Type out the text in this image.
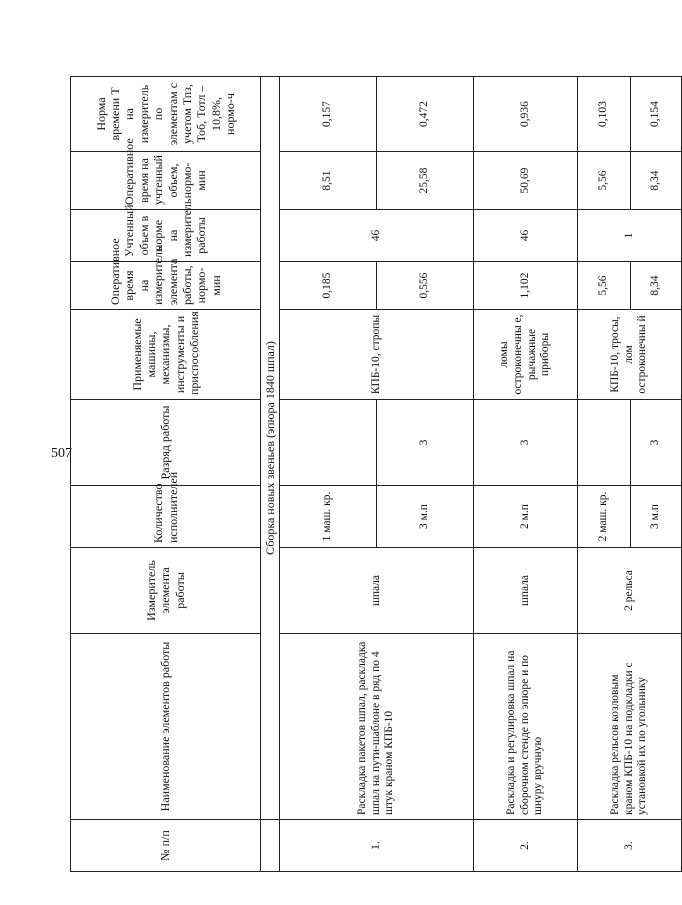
507
№ п/п	Наименование элементов работы	Измеритель элемента работы	Количество исполнителей	Разряд работы	Применяемые машины, механизмы, инструменты и приспособления	Оперативное время на измеритель элемента работы, нормо-мин	Учтенный объем в норме на измеритель работы	Оперативное время на учтенный объем, нормо-мин	Норма времени Т на измеритель по элементам с учетом Тпз, Тоб, Тотл – 10,8%, нормо-ч
	Сборка новых звеньев (эпюра 1840 шпал)								
1.	Раскладка пакетов шпал, раскладка шпал на пути-шаблоне в ряд по 4 штук краном КПБ-10	шпала	1 маш. кр.		КПБ-10, стропы	0,185	46	8,51	0,157
			3 м.п	3		0,556		25,58	0,472
2.	Раскладка и регулировка шпал на сборочном стенде по эпюре и по шнуру вручную	шпала	2 м.п	3	ломы остроконечны е, рычажные приборы	1,102	46	50,69	0,936
3.	Раскладка рельсов козловым краном КПБ-10 на подкладки с установкой их по угольнику	2 рельса	2 маш. кр.		КПБ-10, тросы, лом остроконечны й	5,56	1	5,56	0,103
			3 м.п	3		8,34		8,34	0,154
